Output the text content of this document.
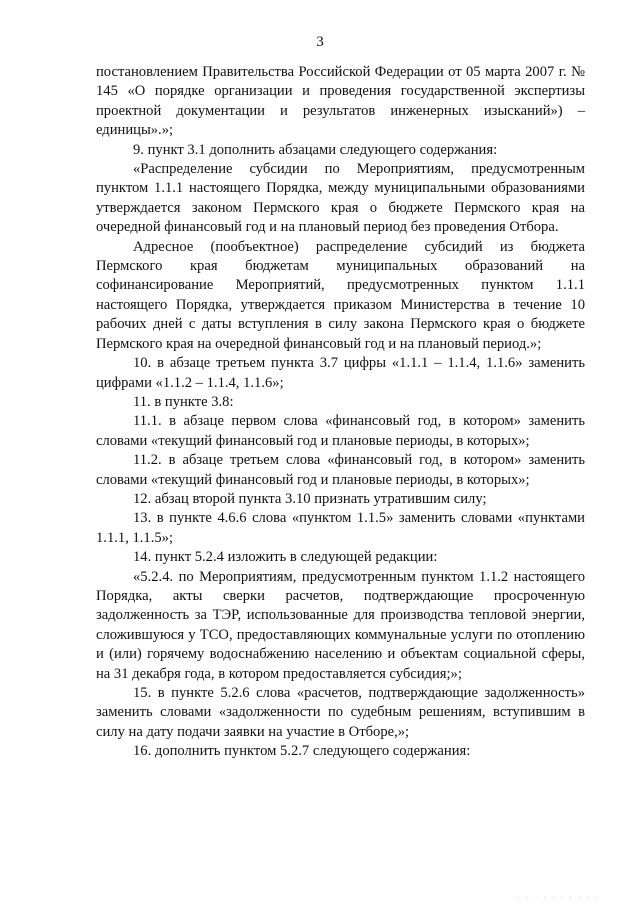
3

постановлением Правительства Российской Федерации от 05 марта 2007 г. № 145 «О порядке организации и проведения государственной экспертизы проектной документации и результатов инженерных изысканий») – единицы».»;

9. пункт 3.1 дополнить абзацами следующего содержания:

«Распределение субсидии по Мероприятиям, предусмотренным пунктом 1.1.1 настоящего Порядка, между муниципальными образованиями утверждается законом Пермского края о бюджете Пермского края на очередной финансовый год и на плановый период без проведения Отбора.

Адресное (пообъектное) распределение субсидий из бюджета Пермского края бюджетам муниципальных образований на софинансирование Мероприятий, предусмотренных пунктом 1.1.1 настоящего Порядка, утверждается приказом Министерства в течение 10 рабочих дней с даты вступления в силу закона Пермского края о бюджете Пермского края на очередной финансовый год и на плановый период.»;

10. в абзаце третьем пункта 3.7 цифры «1.1.1 – 1.1.4, 1.1.6» заменить цифрами «1.1.2 – 1.1.4, 1.1.6»;

11. в пункте 3.8:

11.1. в абзаце первом слова «финансовый год, в котором» заменить словами «текущий финансовый год и плановые периоды, в которых»;

11.2. в абзаце третьем слова «финансовый год, в котором» заменить словами «текущий финансовый год и плановые периоды, в которых»;

12. абзац второй пункта 3.10 признать утратившим силу;

13. в пункте 4.6.6 слова «пунктом 1.1.5» заменить словами «пунктами 1.1.1, 1.1.5»;

14. пункт 5.2.4 изложить в следующей редакции:

«5.2.4. по Мероприятиям, предусмотренным пунктом 1.1.2 настоящего Порядка, акты сверки расчетов, подтверждающие просроченную задолженность за ТЭР, использованные для производства тепловой энергии, сложившуюся у ТСО, предоставляющих коммунальные услуги по отоплению и (или) горячему водоснабжению населению и объектам социальной сферы, на 31 декабря года, в котором предоставляется субсидия;»;

15. в пункте 5.2.6 слова «расчетов, подтверждающие задолженность» заменить словами «задолженности по судебным решениям, вступившим в силу на дату подачи заявки на участие в Отборе,»;

16. дополнить пунктом 5.2.7 следующего содержания:

· · · · · · · · · ·
